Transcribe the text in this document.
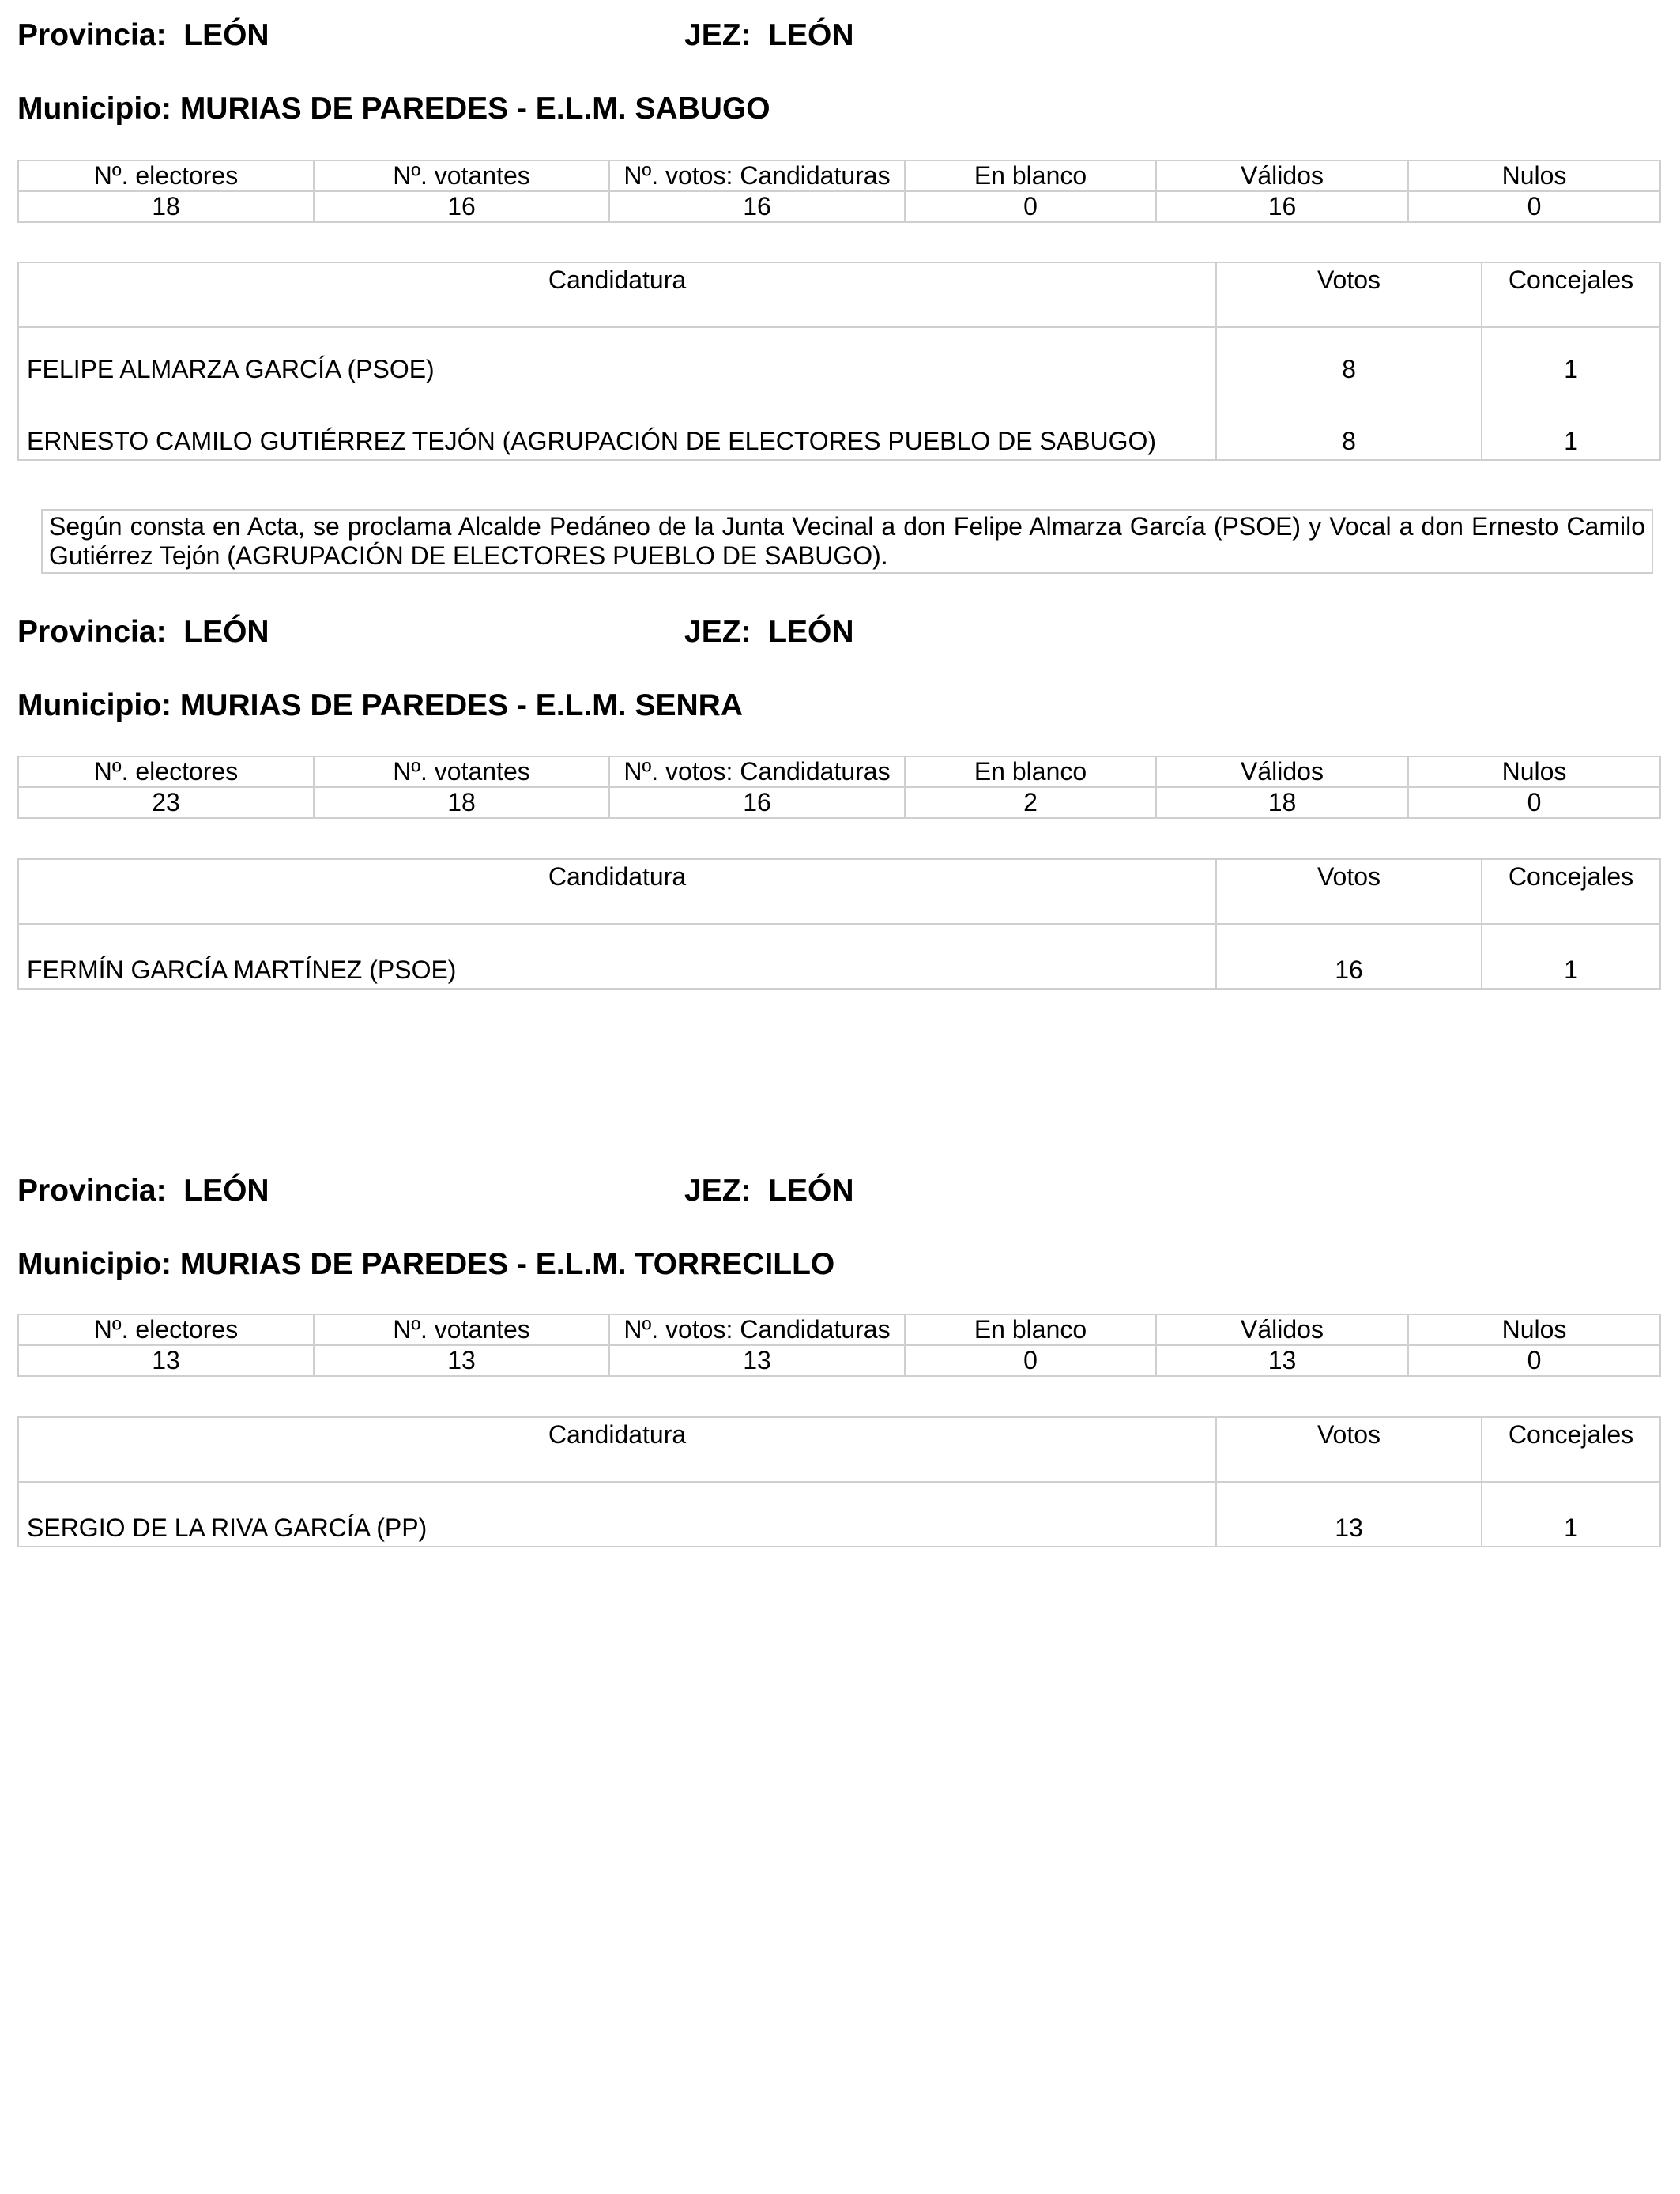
Provincia: LEÓN	JEZ: LEÓN
Municipio: MURIAS DE PAREDES - E.L.M. SABUGO
Nº. electores	Nº. votantes	Nº. votos: Candidaturas	En blanco	Válidos	Nulos
18	16	16	0	16	0
Candidatura	Votos	Concejales
FELIPE ALMARZA GARCÍA (PSOE)	8	1
ERNESTO CAMILO GUTIÉRREZ TEJÓN (AGRUPACIÓN DE ELECTORES PUEBLO DE SABUGO)	8	1
Según consta en Acta, se proclama Alcalde Pedáneo de la Junta Vecinal a don Felipe Almarza García (PSOE) y Vocal a don Ernesto Camilo Gutiérrez Tejón (AGRUPACIÓN DE ELECTORES PUEBLO DE SABUGO).
Provincia: LEÓN	JEZ: LEÓN
Municipio: MURIAS DE PAREDES - E.L.M. SENRA
Nº. electores	Nº. votantes	Nº. votos: Candidaturas	En blanco	Válidos	Nulos
23	18	16	2	18	0
Candidatura	Votos	Concejales
FERMÍN GARCÍA MARTÍNEZ (PSOE)	16	1
Provincia: LEÓN	JEZ: LEÓN
Municipio: MURIAS DE PAREDES - E.L.M. TORRECILLO
Nº. electores	Nº. votantes	Nº. votos: Candidaturas	En blanco	Válidos	Nulos
13	13	13	0	13	0
Candidatura	Votos	Concejales
SERGIO DE LA RIVA GARCÍA (PP)	13	1
